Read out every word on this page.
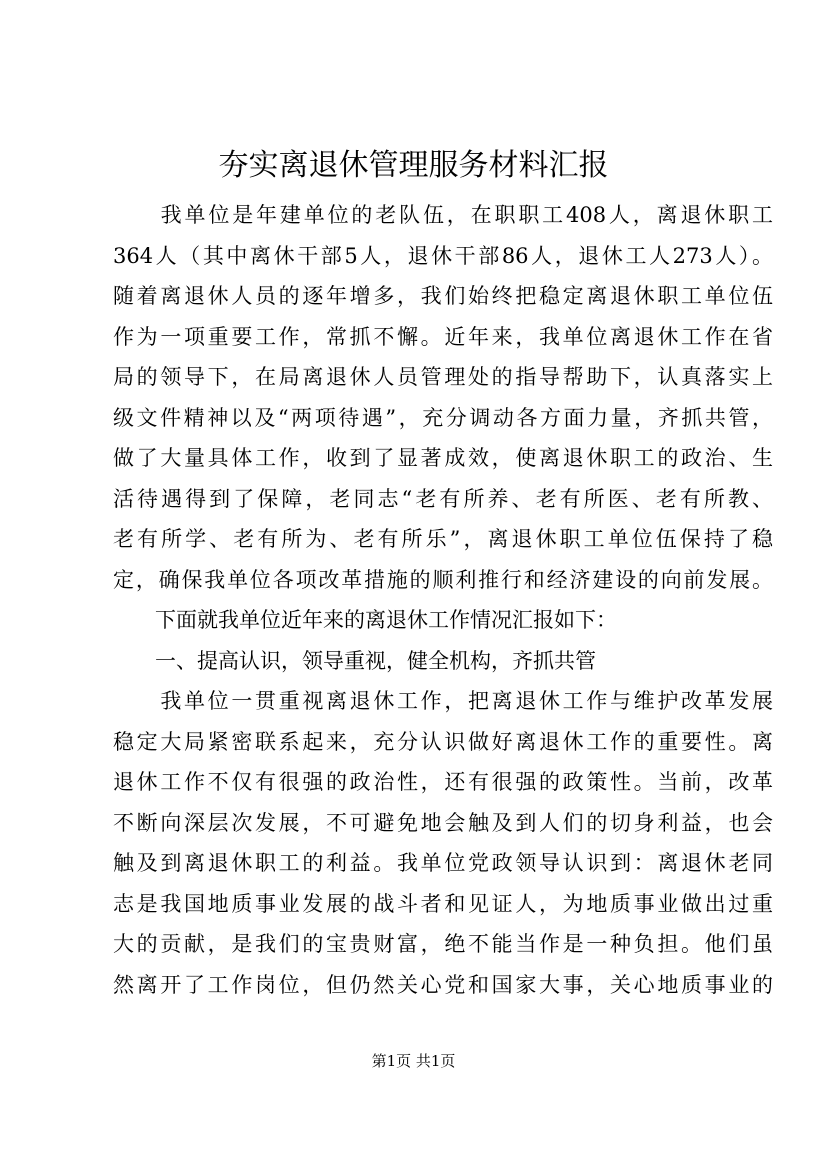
夯实离退休管理服务材料汇报
　　我单位是年建单位的老队伍，在职职工408人，离退休职工
364人（其中离休干部5人，退休干部86人，退休工人273人）。
随着离退休人员的逐年增多，我们始终把稳定离退休职工单位伍
作为一项重要工作，常抓不懈。近年来，我单位离退休工作在省
局的领导下，在局离退休人员管理处的指导帮助下，认真落实上
级文件精神以及“两项待遇”，充分调动各方面力量，齐抓共管，
做了大量具体工作，收到了显著成效，使离退休职工的政治、生
活待遇得到了保障，老同志“老有所养、老有所医、老有所教、
老有所学、老有所为、老有所乐”，离退休职工单位伍保持了稳
定，确保我单位各项改革措施的顺利推行和经济建设的向前发展。
　　下面就我单位近年来的离退休工作情况汇报如下：
　　一、提高认识，领导重视，健全机构，齐抓共管
　　我单位一贯重视离退休工作，把离退休工作与维护改革发展
稳定大局紧密联系起来，充分认识做好离退休工作的重要性。离
退休工作不仅有很强的政治性，还有很强的政策性。当前，改革
不断向深层次发展，不可避免地会触及到人们的切身利益，也会
触及到离退休职工的利益。我单位党政领导认识到：离退休老同
志是我国地质事业发展的战斗者和见证人，为地质事业做出过重
大的贡献，是我们的宝贵财富，绝不能当作是一种负担。他们虽
然离开了工作岗位，但仍然关心党和国家大事，关心地质事业的
第1页 共1页
